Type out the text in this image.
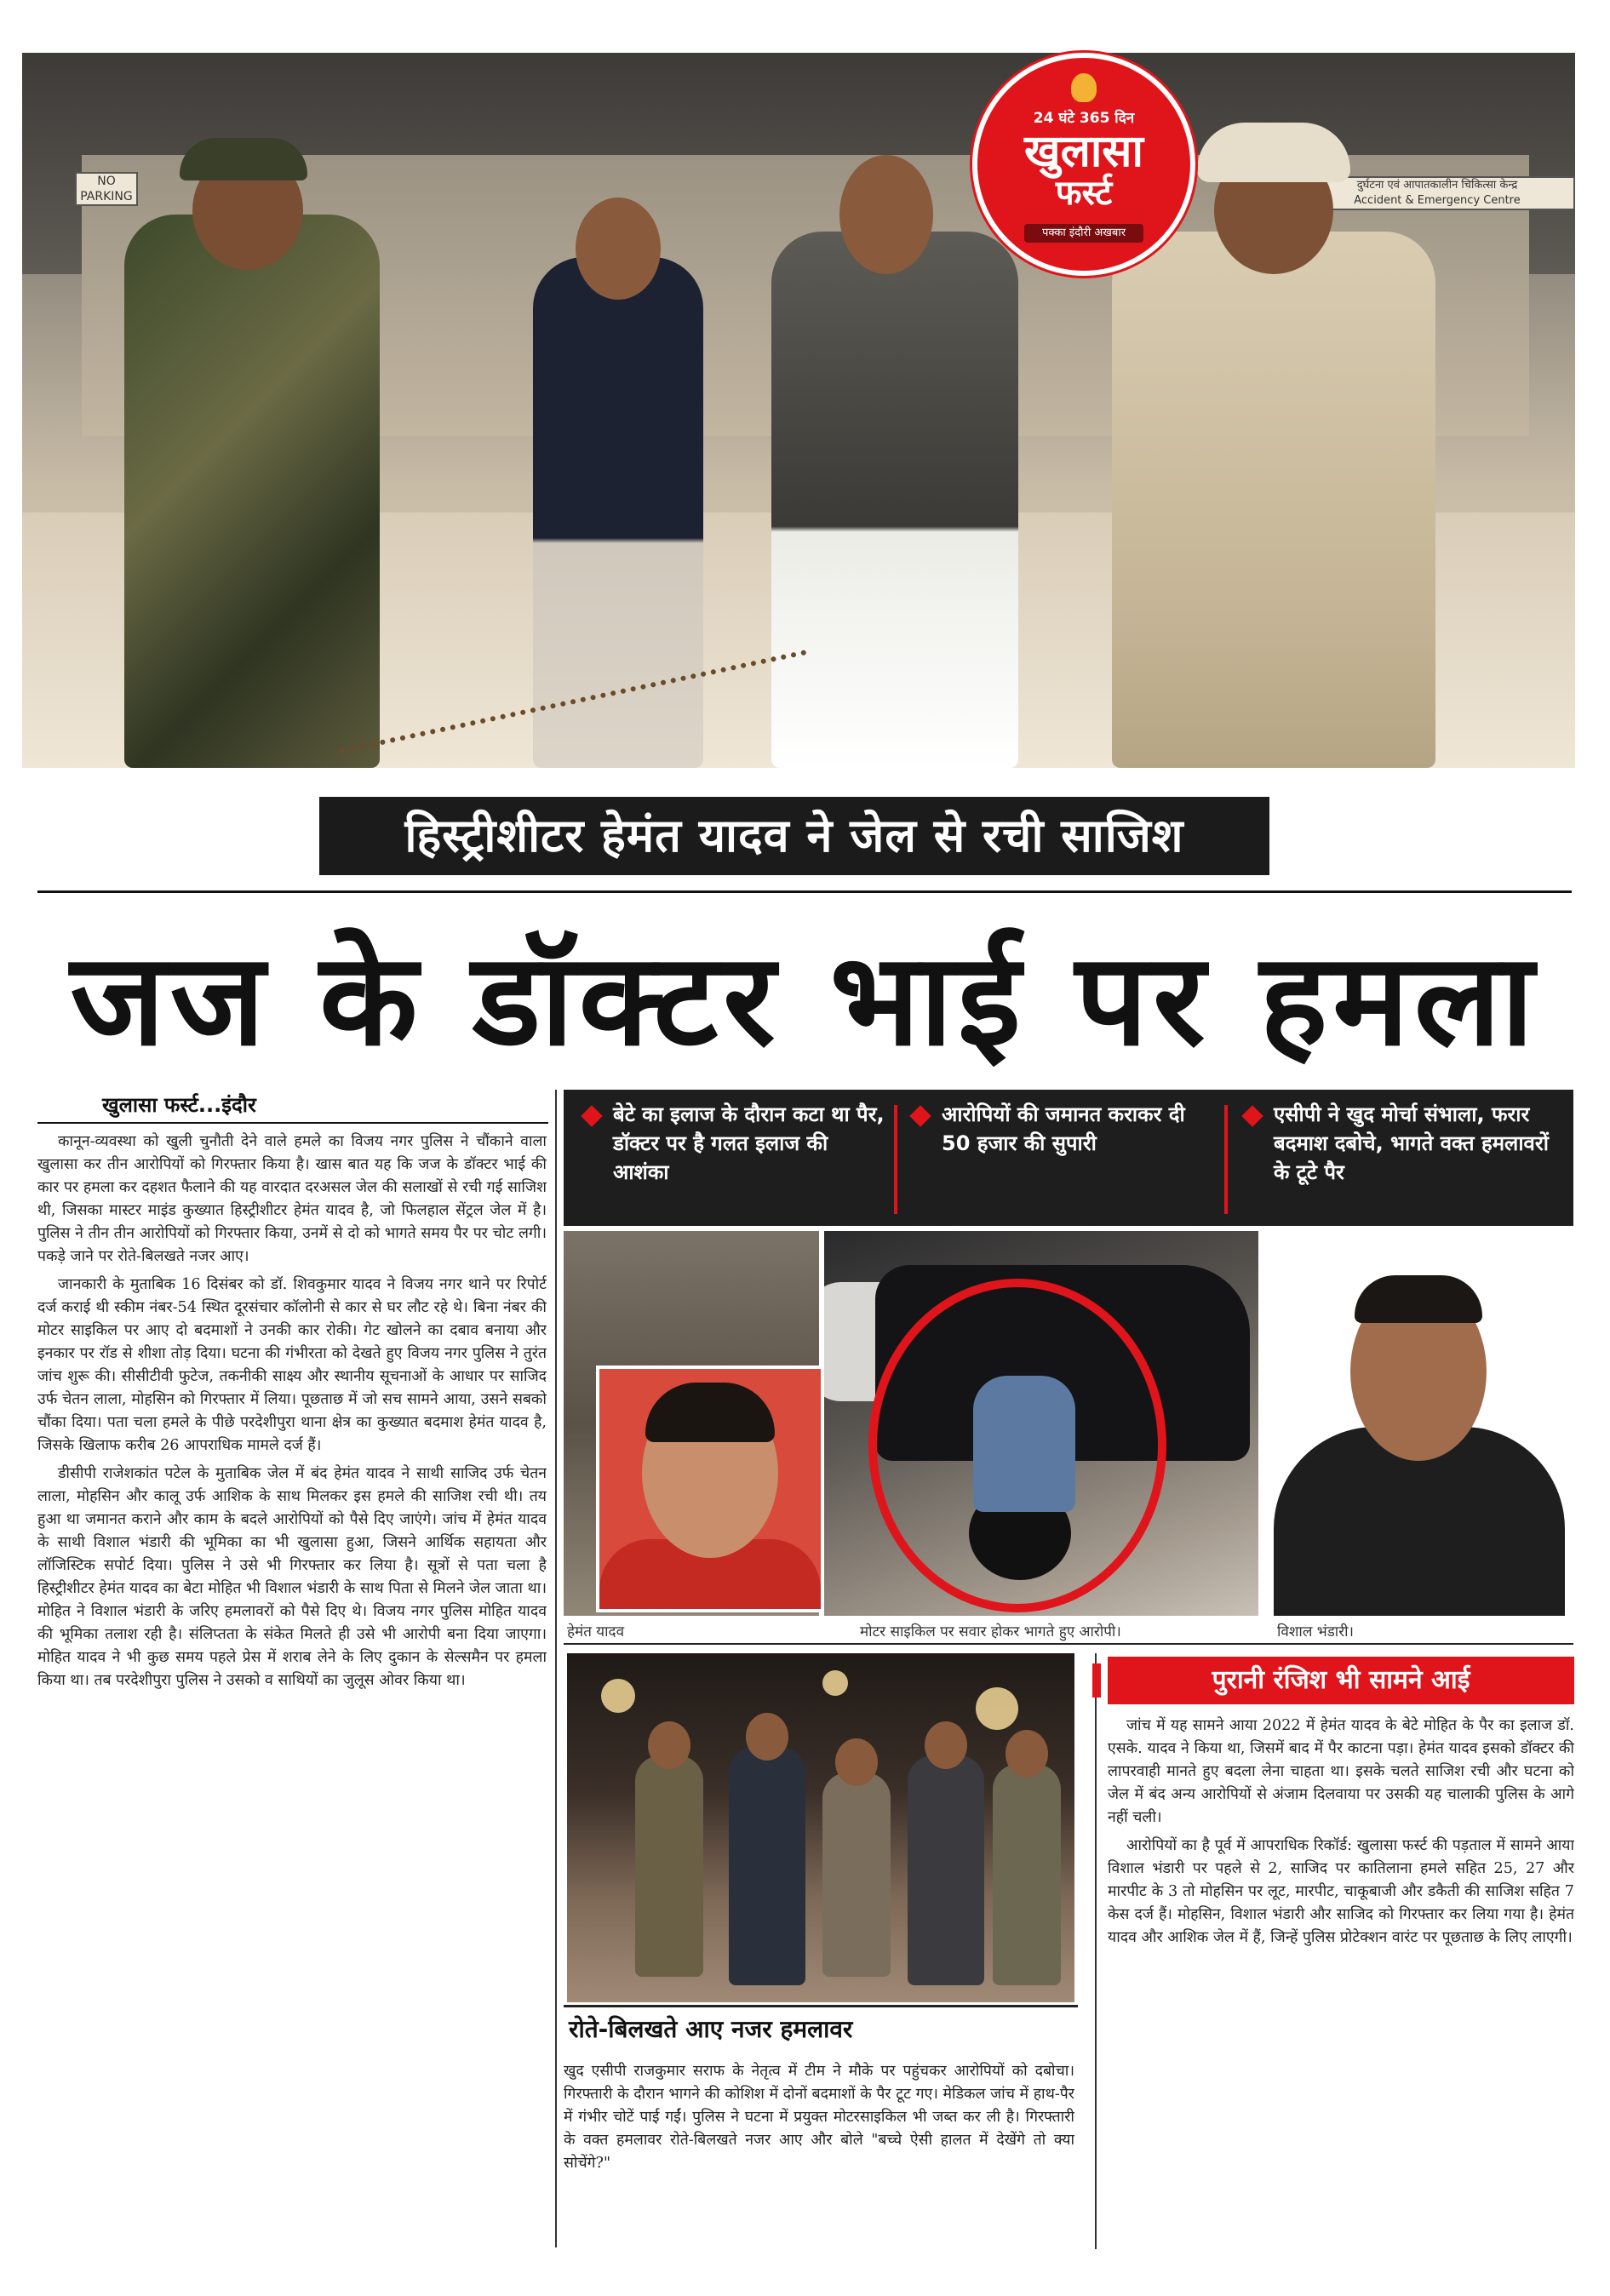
NO PARKING
दुर्घटना एवं आपातकालीन चिकित्सा केन्द्र
Accident & Emergency Centre
24 घंटे 365 दिन
खुलासा
फर्स्ट
पक्का इंदौरी अखबार
हिस्ट्रीशीटर हेमंत यादव ने जेल से रची साजिश
जज के डॉक्टर भाई पर हमला
खुलासा फर्स्ट...इंदौर

कानून-व्यवस्था को खुली चुनौती देने वाले हमले का विजय नगर पुलिस ने चौंकाने वाला खुलासा कर तीन आरोपियों को गिरफ्तार किया है। खास बात यह कि जज के डॉक्टर भाई की कार पर हमला कर दहशत फैलाने की यह वारदात दरअसल जेल की सलाखों से रची गई साजिश थी, जिसका मास्टर माइंड कुख्यात हिस्ट्रीशीटर हेमंत यादव है, जो फिलहाल सेंट्रल जेल में है। पुलिस ने तीन तीन आरोपियों को गिरफ्तार किया, उनमें से दो को भागते समय पैर पर चोट लगी। पकड़े जाने पर रोते-बिलखते नजर आए।

जानकारी के मुताबिक 16 दिसंबर को डॉ. शिवकुमार यादव ने विजय नगर थाने पर रिपोर्ट दर्ज कराई थी स्कीम नंबर-54 स्थित दूरसंचार कॉलोनी से कार से घर लौट रहे थे। बिना नंबर की मोटर साइकिल पर आए दो बदमाशों ने उनकी कार रोकी। गेट खोलने का दबाव बनाया और इनकार पर रॉड से शीशा तोड़ दिया। घटना की गंभीरता को देखते हुए विजय नगर पुलिस ने तुरंत जांच शुरू की। सीसीटीवी फुटेज, तकनीकी साक्ष्य और स्थानीय सूचनाओं के आधार पर साजिद उर्फ चेतन लाला, मोहसिन को गिरफ्तार में लिया। पूछताछ में जो सच सामने आया, उसने सबको चौंका दिया। पता चला हमले के पीछे परदेशीपुरा थाना क्षेत्र का कुख्यात बदमाश हेमंत यादव है, जिसके खिलाफ करीब 26 आपराधिक मामले दर्ज हैं।

डीसीपी राजेशकांत पटेल के मुताबिक जेल में बंद हेमंत यादव ने साथी साजिद उर्फ चेतन लाला, मोहसिन और कालू उर्फ आशिक के साथ मिलकर इस हमले की साजिश रची थी। तय हुआ था जमानत कराने और काम के बदले आरोपियों को पैसे दिए जाएंगे। जांच में हेमंत यादव के साथी विशाल भंडारी की भूमिका का भी खुलासा हुआ, जिसने आर्थिक सहायता और लॉजिस्टिक सपोर्ट दिया। पुलिस ने उसे भी गिरफ्तार कर लिया है। सूत्रों से पता चला है हिस्ट्रीशीटर हेमंत यादव का बेटा मोहित भी विशाल भंडारी के साथ पिता से मिलने जेल जाता था। मोहित ने विशाल भंडारी के जरिए हमलावरों को पैसे दिए थे। विजय नगर पुलिस मोहित यादव की भूमिका तलाश रही है। संलिप्तता के संकेत मिलते ही उसे भी आरोपी बना दिया जाएगा। मोहित यादव ने भी कुछ समय पहले प्रेस में शराब लेने के लिए दुकान के सेल्समैन पर हमला किया था। तब परदेशीपुरा पुलिस ने उसको व साथियों का जुलूस ओवर किया था।

बेटे का इलाज के दौरान कटा था पैर, डॉक्टर पर है गलत इलाज की आशंका
आरोपियों की जमानत कराकर दी 50 हजार की सुपारी
एसीपी ने खुद मोर्चा संभाला, फरार बदमाश दबोचे, भागते वक्त हमलावरों के टूटे पैर
हेमंत यादव	मोटर साइकिल पर सवार होकर भागते हुए आरोपी।	विशाल भंडारी।
रोते-बिलखते आए नजर हमलावर
खुद एसीपी राजकुमार सराफ के नेतृत्व में टीम ने मौके पर पहुंचकर आरोपियों को दबोचा। गिरफ्तारी के दौरान भागने की कोशिश में दोनों बदमाशों के पैर टूट गए। मेडिकल जांच में हाथ-पैर में गंभीर चोटें पाई गईं। पुलिस ने घटना में प्रयुक्त मोटरसाइकिल भी जब्त कर ली है। गिरफ्तारी के वक्त हमलावर रोते-बिलखते नजर आए और बोले "बच्चे ऐसी हालत में देखेंगे तो क्या सोचेंगे?"
पुरानी रंजिश भी सामने आई

जांच में यह सामने आया 2022 में हेमंत यादव के बेटे मोहित के पैर का इलाज डॉ. एसके. यादव ने किया था, जिसमें बाद में पैर काटना पड़ा। हेमंत यादव इसको डॉक्टर की लापरवाही मानते हुए बदला लेना चाहता था। इसके चलते साजिश रची और घटना को जेल में बंद अन्य आरोपियों से अंजाम दिलवाया पर उसकी यह चालाकी पुलिस के आगे नहीं चली।

आरोपियों का है पूर्व में आपराधिक रिकॉर्ड: खुलासा फर्स्ट की पड़ताल में सामने आया विशाल भंडारी पर पहले से 2, साजिद पर कातिलाना हमले सहित 25, 27 और मारपीट के 3 तो मोहसिन पर लूट, मारपीट, चाकूबाजी और डकैती की साजिश सहित 7 केस दर्ज हैं। मोहसिन, विशाल भंडारी और साजिद को गिरफ्तार कर लिया गया है। हेमंत यादव और आशिक जेल में हैं, जिन्हें पुलिस प्रोटेक्शन वारंट पर पूछताछ के लिए लाएगी।
